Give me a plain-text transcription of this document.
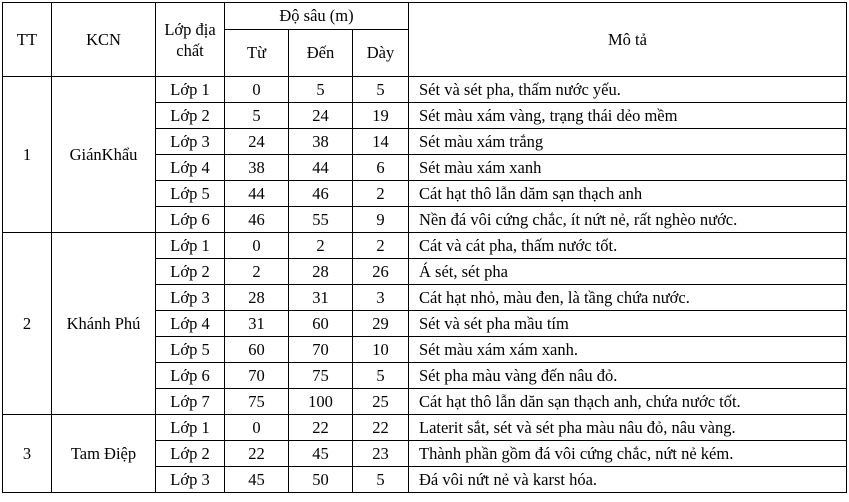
TT	KCN	Lớp địa chất	Độ sâu (m)			Mô tả
			Từ	Đến	Dày	
1	GiánKhẩu	Lớp 1	0	5	5	Sét và sét pha, thấm nước yếu.
		Lớp 2	5	24	19	Sét màu xám vàng, trạng thái dẻo mềm
		Lớp 3	24	38	14	Sét màu xám trắng
		Lớp 4	38	44	6	Sét màu xám xanh
		Lớp 5	44	46	2	Cát hạt thô lẫn dăm sạn thạch anh
		Lớp 6	46	55	9	Nền đá vôi cứng chắc, ít nứt nẻ, rất nghèo nước.
2	Khánh Phú	Lớp 1	0	2	2	Cát và cát pha, thấm nước tốt.
		Lớp 2	2	28	26	Á sét, sét pha
		Lớp 3	28	31	3	Cát hạt nhỏ, màu đen, là tầng chứa nước.
		Lớp 4	31	60	29	Sét và sét pha mầu tím
		Lớp 5	60	70	10	Sét màu xám xám xanh.
		Lớp 6	70	75	5	Sét pha màu vàng đến nâu đỏ.
		Lớp 7	75	100	25	Cát hạt thô lẫn dăn sạn thạch anh, chứa nước tốt.
3	Tam Điệp	Lớp 1	0	22	22	Laterit sắt, sét và sét pha màu nâu đỏ, nâu vàng.
		Lớp 2	22	45	23	Thành phần gồm đá vôi cứng chắc, nứt nẻ kém.
		Lớp 3	45	50	5	Đá vôi nứt nẻ và karst hóa.
